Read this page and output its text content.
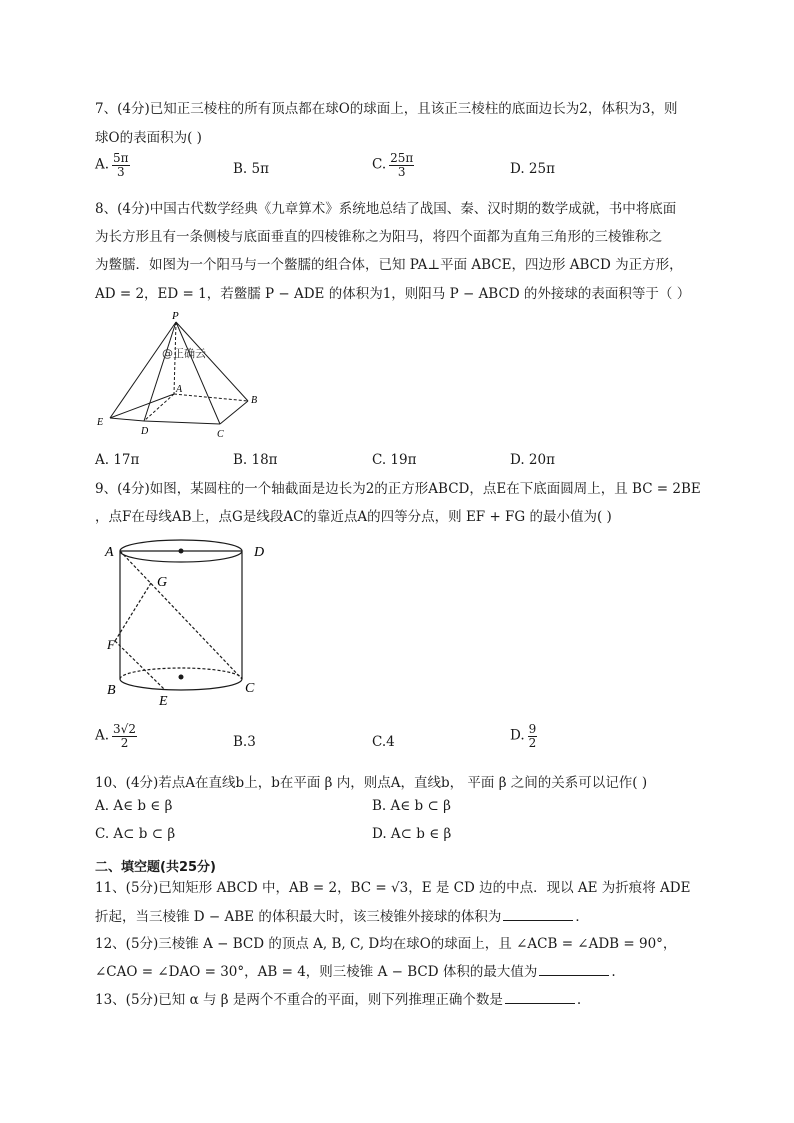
7、(4分)已知正三棱柱的所有顶点都在球O的球面上，且该正三棱柱的底面边长为2，体积为3，则
球O的表面积为( )
A. $\frac{5\pi}{3}$	B. 5π	C. $\frac{25\pi}{3}$	D. 25π
8、(4分)中国古代数学经典《九章算术》系统地总结了战国、秦、汉时期的数学成就，书中将底面
为长方形且有一条侧棱与底面垂直的四棱锥称之为阳马，将四个面都为直角三角形的三棱锥称之
为鳖臑．如图为一个阳马与一个鳖臑的组合体，已知 PA⊥平面 ABCE，四边形 ABCD 为正方形，
AD = 2，ED = 1，若鳖臑 P − ADE 的体积为1，则阳马 P − ABCD 的外接球的表面积等于（ ）
P
A
B
C
D
E
@正确云
A. 17π	B. 18π	C. 19π	D. 20π
9、(4分)如图，某圆柱的一个轴截面是边长为2的正方形ABCD，点E在下底面圆周上，且 BC = 2BE
，点F在母线AB上，点G是线段AC的靠近点A的四等分点，则 EF + FG 的最小值为( )
A	D
G
F
B	C
E
A. $\frac{3√2}{2}$	B.3	C.4	D. $\frac{9}{2}$
10、(4分)若点A在直线b上，b在平面 β 内，则点A，直线b， 平面 β 之间的关系可以记作( )
A. A∈ b ∈ β	B. A∈ b ⊂ β
C. A⊂ b ⊂ β	D. A⊂ b ∈ β
二、填空题(共25分)
11、(5分)已知矩形 ABCD 中，AB = 2，BC = √3，E 是 CD 边的中点．现以 AE 为折痕将 ADE
折起，当三棱锥 D − ABE 的体积最大时，该三棱锥外接球的体积为	．
12、(5分)三棱锥 A − BCD 的顶点 A, B, C, D均在球O的球面上，且 ∠ACB = ∠ADB = 90°，
∠CAO = ∠DAO = 30°，AB = 4，则三棱锥 A − BCD 体积的最大值为	.
13、(5分)已知 α 与 β 是两个不重合的平面，则下列推理正确个数是	.
